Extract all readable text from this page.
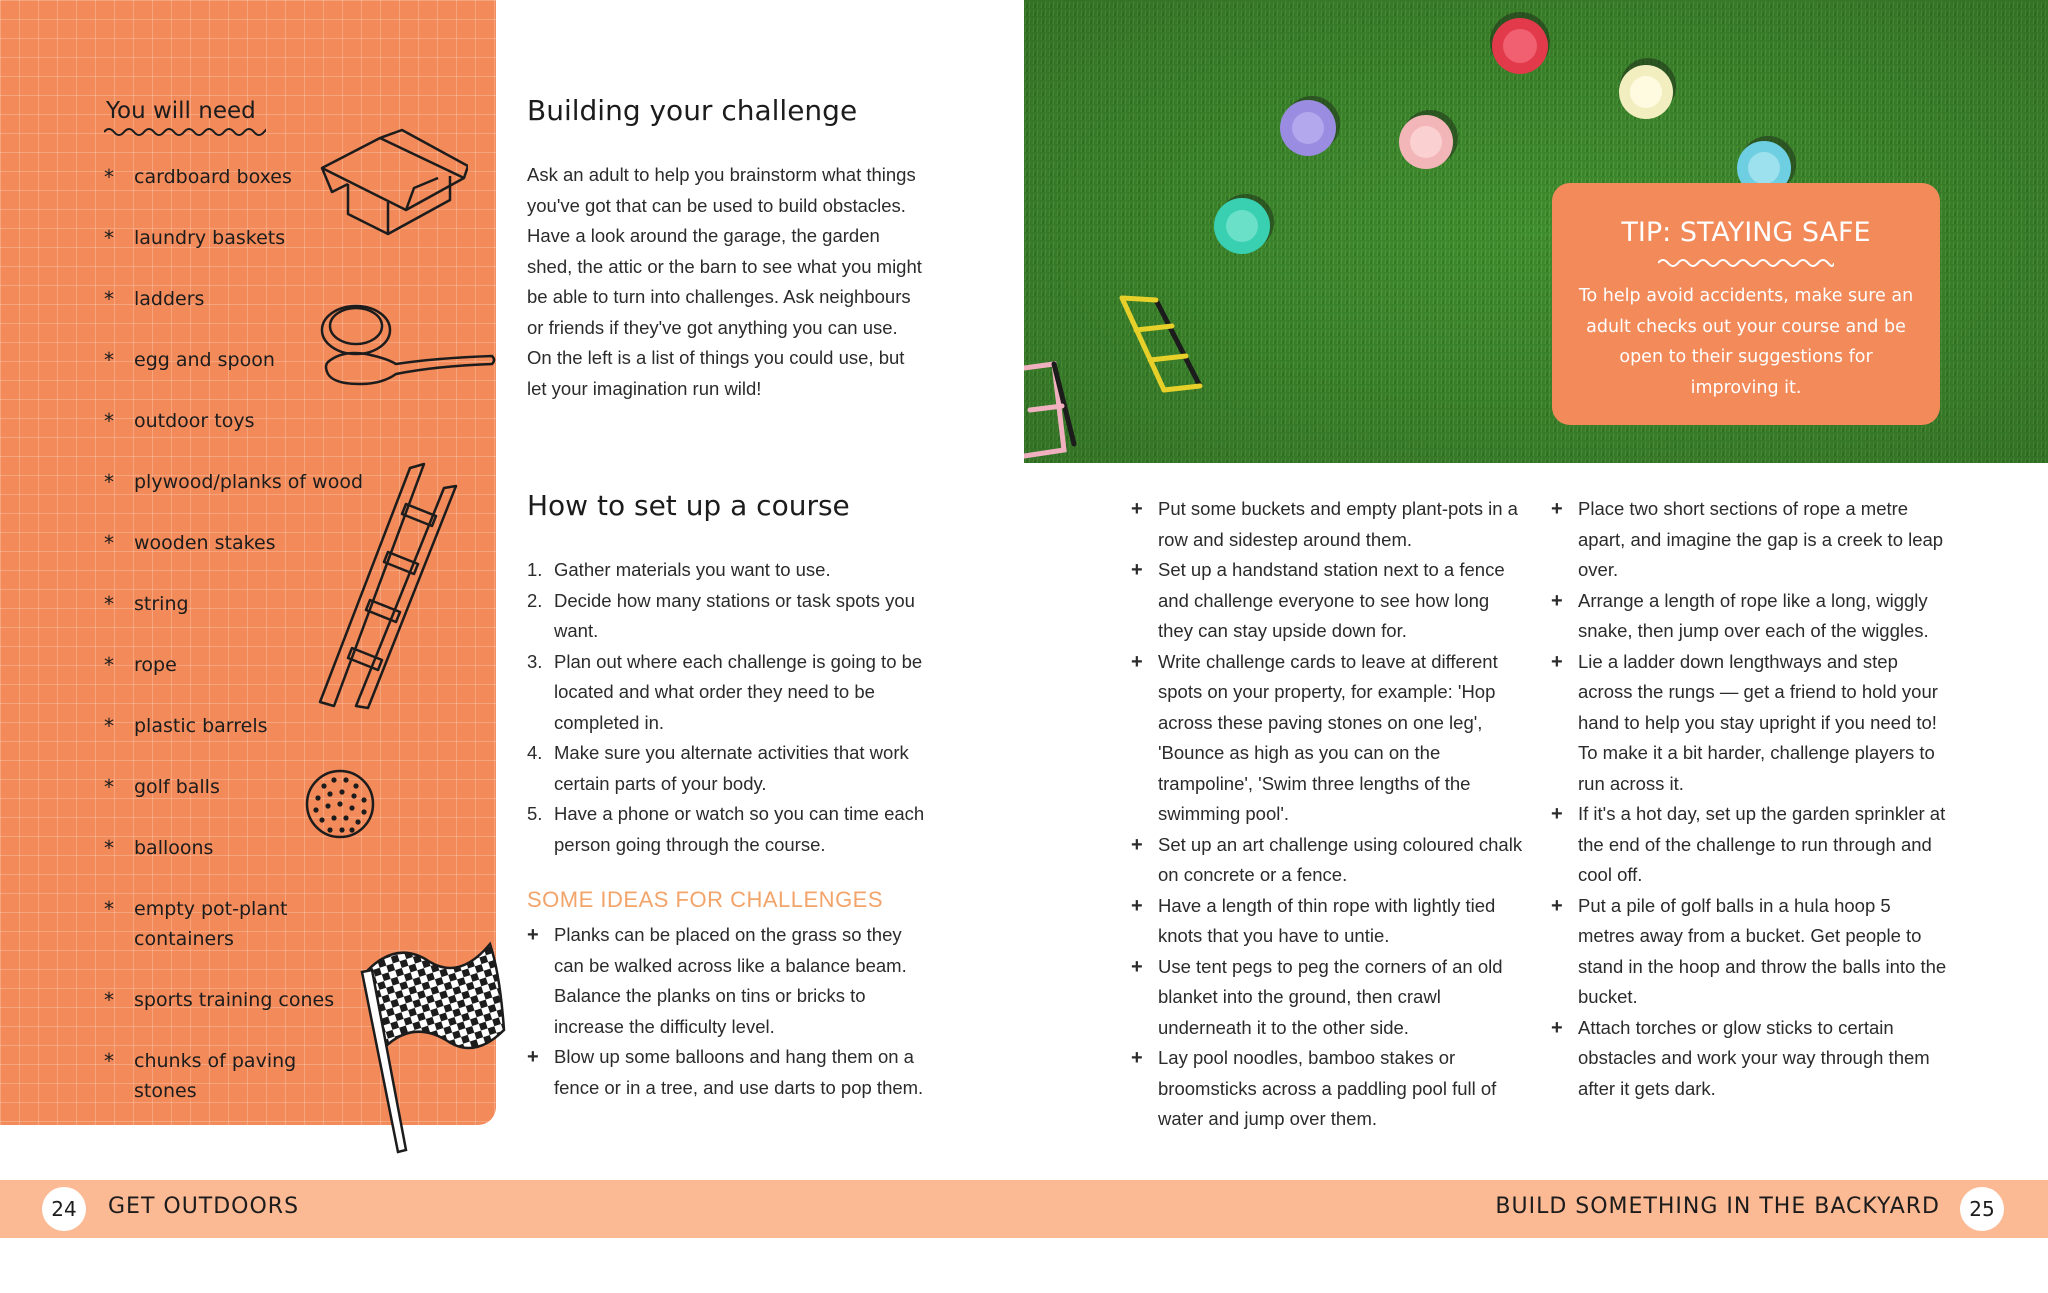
You will need
* cardboard boxes
* laundry baskets
* ladders
* egg and spoon
* outdoor toys
* plywood/planks of wood
* wooden stakes
* string
* rope
* plastic barrels
* golf balls
* balloons
* empty pot-plant containers
* sports training cones
* chunks of paving stones
Building your challenge

Ask an adult to help you brainstorm what things you've got that can be used to build obstacles. Have a look around the garage, the garden shed, the attic or the barn to see what you might be able to turn into challenges. Ask neighbours or friends if they've got anything you can use. On the left is a list of things you could use, but let your imagination run wild!

How to set up a course
1. Gather materials you want to use.
2. Decide how many stations or task spots you want.
3. Plan out where each challenge is going to be located and what order they need to be completed in.
4. Make sure you alternate activities that work certain parts of your body.
5. Have a phone or watch so you can time each person going through the course.
SOME IDEAS FOR CHALLENGES
+ Planks can be placed on the grass so they can be walked across like a balance beam. Balance the planks on tins or bricks to increase the difficulty level.
+ Blow up some balloons and hang them on a fence or in a tree, and use darts to pop them.
TIP: STAYING SAFE
To help avoid accidents, make sure an adult checks out your course and be open to their suggestions for improving it.
+ Put some buckets and empty plant-pots in a row and sidestep around them.
+ Set up a handstand station next to a fence and challenge everyone to see how long they can stay upside down for.
+ Write challenge cards to leave at different spots on your property, for example: 'Hop across these paving stones on one leg', 'Bounce as high as you can on the trampoline', 'Swim three lengths of the swimming pool'.
+ Set up an art challenge using coloured chalk on concrete or a fence.
+ Have a length of thin rope with lightly tied knots that you have to untie.
+ Use tent pegs to peg the corners of an old blanket into the ground, then crawl underneath it to the other side.
+ Lay pool noodles, bamboo stakes or broomsticks across a paddling pool full of water and jump over them.
+ Place two short sections of rope a metre apart, and imagine the gap is a creek to leap over.
+ Arrange a length of rope like a long, wiggly snake, then jump over each of the wiggles.
+ Lie a ladder down lengthways and step across the rungs — get a friend to hold your hand to help you stay upright if you need to! To make it a bit harder, challenge players to run across it.
+ If it's a hot day, set up the garden sprinkler at the end of the challenge to run through and cool off.
+ Put a pile of golf balls in a hula hoop 5 metres away from a bucket. Get people to stand in the hoop and throw the balls into the bucket.
+ Attach torches or glow sticks to certain obstacles and work your way through them after it gets dark.
24	GET OUTDOORS	BUILD SOMETHING IN THE BACKYARD	25
